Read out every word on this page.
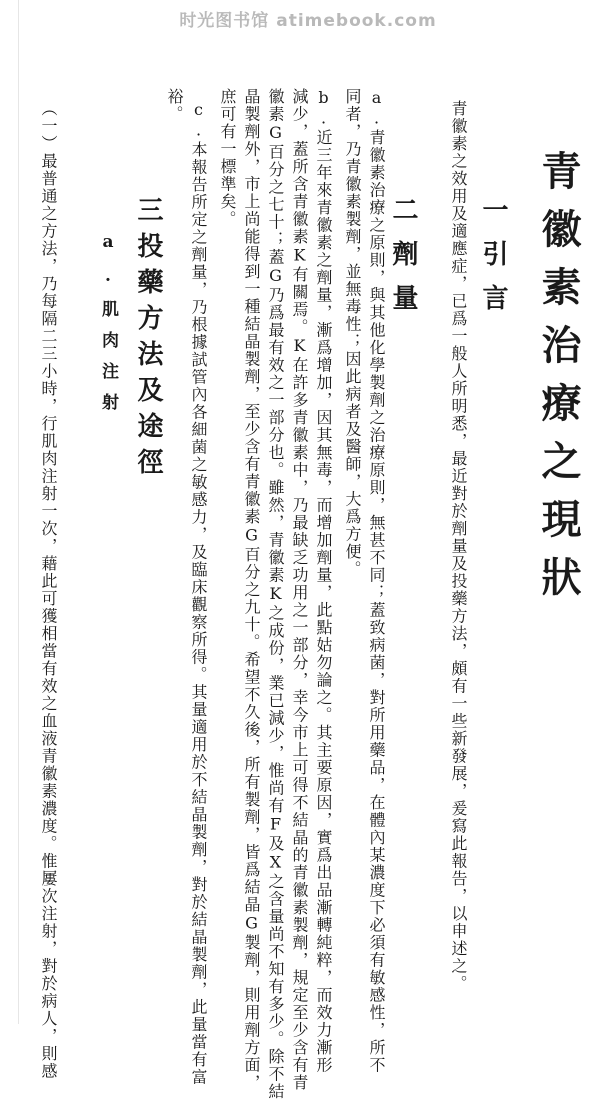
时光图书馆 atimebook.com
青徽素治療之現狀
一引言
青徽素之效用及適應症，已爲一般人所明悉，最近對於劑量及投藥方法，頗有一些新發展，爰寫此報告，以申述之。
二劑量
a.青徽素治療之原則，與其他化學製劑之治療原則，無甚不同；蓋致病菌，對所用藥品，在體內某濃度下必須有敏感性，所不
同者，乃青徽素製劑，並無毒性；因此病者及醫師，大爲方便。
b.近三年來青徽素之劑量，漸爲增加，因其無毒，而增加劑量，此點姑勿論之。其主要原因，實爲出品漸轉純粹，而效力漸形
減少，蓋所含青徽素K有關焉。K在許多青徽素中，乃最缺乏功用之一部分，幸今市上可得不結晶的青徽素製劑，規定至少含有青
徽素G百分之七十；蓋G乃爲最有效之一部分也。雖然，青徽素K之成份，業已減少，惟尚有F及X之含量尚不知有多少。除不結
晶製劑外，市上尚能得到一種結晶製劑，至少含有青徽素G百分之九十。希望不久後，所有製劑，皆爲結晶G製劑，則用劑方面，
庶可有一標準矣。
c.本報告所定之劑量，乃根據試管內各細菌之敏感力，及臨床觀察所得。其量適用於不結晶製劑，對於結晶製劑，此量當有富
裕。
三投藥方法及途徑
a.肌肉注射
（一）最普通之方法，乃每隔二三小時，行肌肉注射一次，藉此可獲相當有效之血液青徽素濃度。惟屢次注射，對於病人，則感
